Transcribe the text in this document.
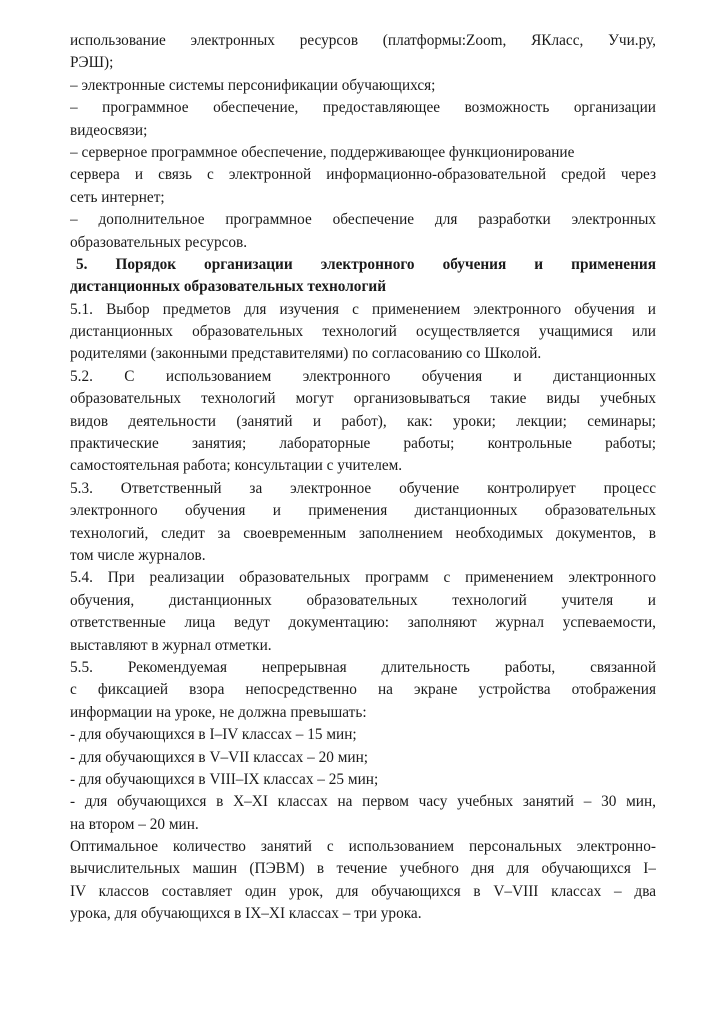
использование электронных ресурсов (платформы:Zoom, ЯКласс, Учи.ру,
РЭШ);
– электронные системы персонификации обучающихся;
– программное обеспечение, предоставляющее возможность организации
видеосвязи;
– серверное программное обеспечение, поддерживающее функционирование
сервера и связь с электронной информационно-образовательной средой через
сеть интернет;
– дополнительное программное обеспечение для разработки электронных
образовательных ресурсов.
5. Порядок организации электронного обучения и применения
дистанционных образовательных технологий
5.1. Выбор предметов для изучения с применением электронного обучения и
дистанционных образовательных технологий осуществляется учащимися или
родителями (законными представителями) по согласованию со Школой.
5.2. С использованием электронного обучения и дистанционных
образовательных технологий могут организовываться такие виды учебных
видов деятельности (занятий и работ), как: уроки; лекции; семинары;
практические занятия; лабораторные работы; контрольные работы;
самостоятельная работа; консультации с учителем.
5.3. Ответственный за электронное обучение контролирует процесс
электронного обучения и применения дистанционных образовательных
технологий, следит за своевременным заполнением необходимых документов, в
том числе журналов.
5.4. При реализации образовательных программ с применением электронного
обучения, дистанционных образовательных технологий учителя и
ответственные лица ведут документацию: заполняют журнал успеваемости,
выставляют в журнал отметки.
5.5. Рекомендуемая непрерывная длительность работы, связанной
с фиксацией взора непосредственно на экране устройства отображения
информации на уроке, не должна превышать:
- для обучающихся в I–IV классах – 15 мин;
- для обучающихся в V–VII классах – 20 мин;
- для обучающихся в VIII–IX классах – 25 мин;
- для обучающихся в X–XI классах на первом часу учебных занятий – 30 мин,
на втором – 20 мин.
Оптимальное количество занятий с использованием персональных электронно-
вычислительных машин (ПЭВМ) в течение учебного дня для обучающихся I–
IV классов составляет один урок, для обучающихся в V–VIII классах – два
урока, для обучающихся в IX–XI классах – три урока.
